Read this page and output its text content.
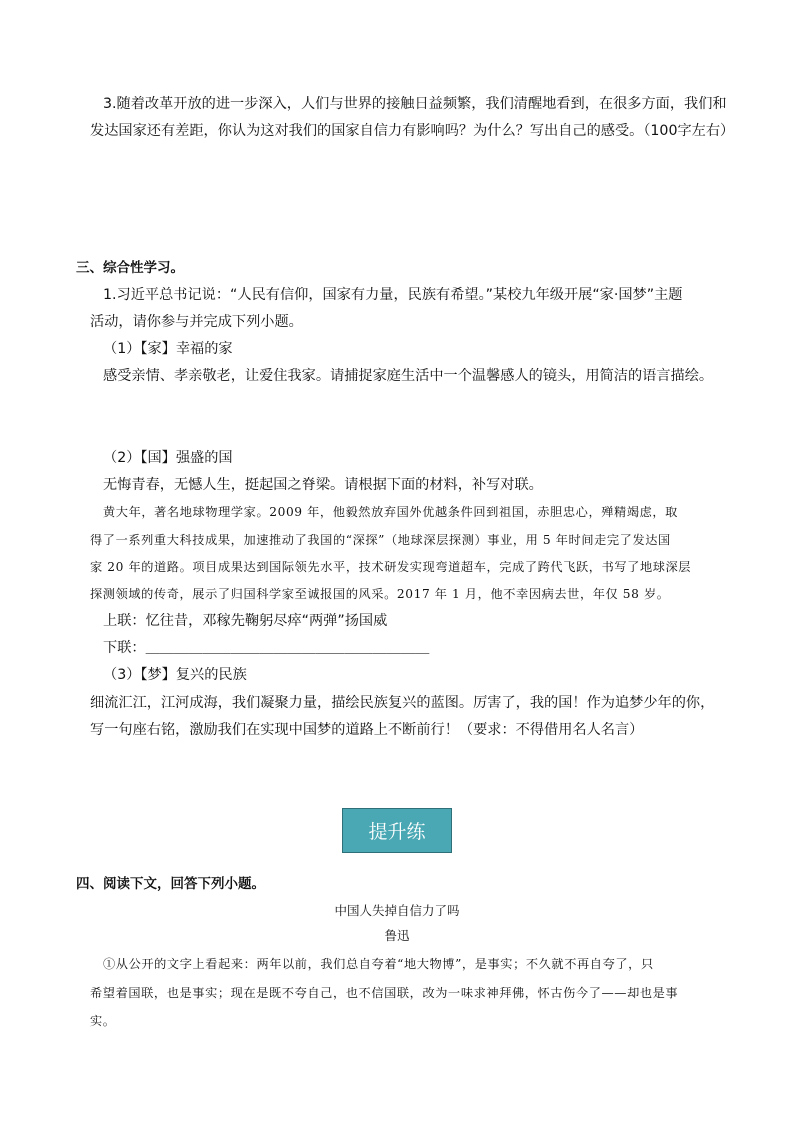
3.随着改革开放的进一步深入，人们与世界的接触日益频繁，我们清醒地看到，在很多方面，我们和
发达国家还有差距，你认为这对我们的国家自信力有影响吗？为什么？写出自己的感受。（100字左右）
三、综合性学习。
1.习近平总书记说：“人民有信仰，国家有力量，民族有希望。”某校九年级开展“家·国梦”主题
活动，请你参与并完成下列小题。
（1）【家】幸福的家
感受亲情、孝亲敬老，让爱住我家。请捕捉家庭生活中一个温馨感人的镜头，用简洁的语言描绘。
（2）【国】强盛的国
无悔青春，无憾人生，挺起国之脊梁。请根据下面的材料，补写对联。
黄大年，著名地球物理学家。2009 年，他毅然放弃国外优越条件回到祖国，赤胆忠心，殚精竭虑，取
得了一系列重大科技成果，加速推动了我国的“深探”（地球深层探测）事业，用 5 年时间走完了发达国
家 20 年的道路。项目成果达到国际领先水平，技术研发实现弯道超车，完成了跨代飞跃，书写了地球深层
探测领域的传奇，展示了归国科学家至诚报国的风采。2017 年 1 月，他不幸因病去世，年仅 58 岁。
上联：忆往昔，邓稼先鞠躬尽瘁“两弹”扬国威
下联：＿＿＿＿＿＿＿＿＿＿＿＿＿＿＿＿＿＿＿＿
（3）【梦】复兴的民族
细流汇江，江河成海，我们凝聚力量，描绘民族复兴的蓝图。厉害了，我的国！作为追梦少年的你，
写一句座右铭，激励我们在实现中国梦的道路上不断前行！（要求：不得借用名人名言）
提升练
四、阅读下文，回答下列小题。
中国人失掉自信力了吗
鲁迅
①从公开的文字上看起来：两年以前，我们总自夸着“地大物博”，是事实；不久就不再自夸了，只
希望着国联，也是事实；现在是既不夸自己，也不信国联，改为一味求神拜佛，怀古伤今了——却也是事
实。
